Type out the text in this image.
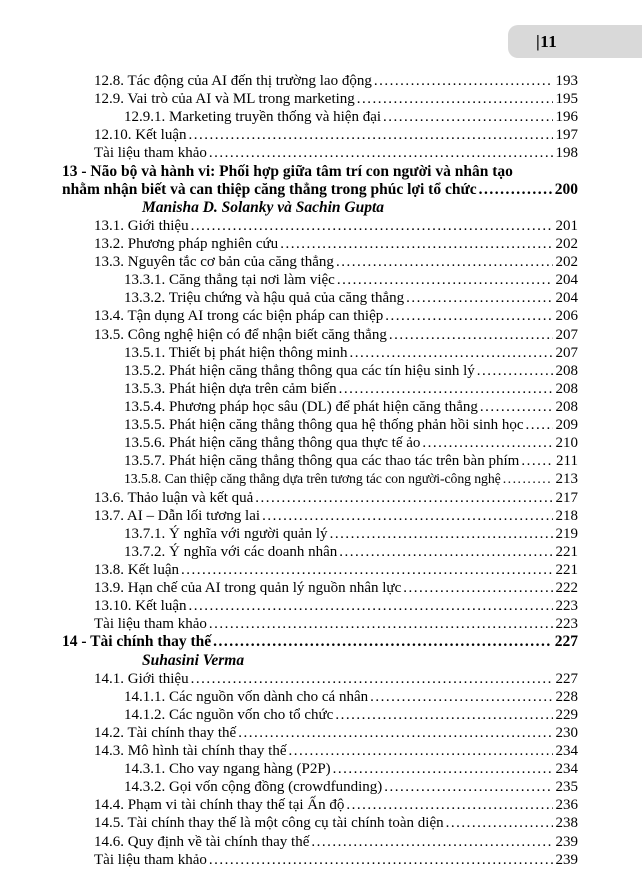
|11
12.8. Tác động của AI đến thị trường lao động .....	193
12.9. Vai trò của AI và ML trong marketing .....	195
12.9.1. Marketing truyền thống và hiện đại .....	196
12.10. Kết luận .....	197
Tài liệu tham khảo .....	198
13 - Não bộ và hành vi: Phối hợp giữa tâm trí con người và nhân tạo
nhằm nhận biết và can thiệp căng thẳng trong phúc lợi tổ chức .....	200
Manisha D. Solanky và Sachin Gupta
13.1. Giới thiệu .....	201
13.2. Phương pháp nghiên cứu .....	202
13.3. Nguyên tắc cơ bản của căng thẳng .....	202
13.3.1. Căng thẳng tại nơi làm việc .....	204
13.3.2. Triệu chứng và hậu quả của căng thẳng .....	204
13.4. Tận dụng AI trong các biện pháp can thiệp .....	206
13.5. Công nghệ hiện có để nhận biết căng thẳng .....	207
13.5.1. Thiết bị phát hiện thông minh .....	207
13.5.2. Phát hiện căng thẳng thông qua các tín hiệu sinh lý .....	208
13.5.3. Phát hiện dựa trên cảm biến .....	208
13.5.4. Phương pháp học sâu (DL) để phát hiện căng thẳng .....	208
13.5.5. Phát hiện căng thẳng thông qua hệ thống phản hồi sinh học ..... 209
13.5.6. Phát hiện căng thẳng thông qua thực tế ảo .....	210
13.5.7. Phát hiện căng thẳng thông qua các thao tác trên bàn phím ..... 211
13.5.8. Can thiệp căng thẳng dựa trên tương tác con người-công nghệ .....	213
13.6. Thảo luận và kết quả .....	217
13.7. AI – Dẫn lối tương lai .....	218
13.7.1. Ý nghĩa với người quản lý .....	219
13.7.2. Ý nghĩa với các doanh nhân .....	221
13.8. Kết luận .....	221
13.9. Hạn chế của AI trong quản lý nguồn nhân lực .....	222
13.10. Kết luận .....	223
Tài liệu tham khảo .....	223
14 - Tài chính thay thế .....	227
Suhasini Verma
14.1. Giới thiệu .....	227
14.1.1. Các nguồn vốn dành cho cá nhân .....	228
14.1.2. Các nguồn vốn cho tổ chức .....	229
14.2. Tài chính thay thế .....	230
14.3. Mô hình tài chính thay thế .....	234
14.3.1. Cho vay ngang hàng (P2P) .....	234
14.3.2. Gọi vốn cộng đồng (crowdfunding) .....	235
14.4. Phạm vi tài chính thay thế tại Ấn độ .....	236
14.5. Tài chính thay thế là một công cụ tài chính toàn diện .....	238
14.6. Quy định về tài chính thay thế .....	239
Tài liệu tham khảo .....	239
